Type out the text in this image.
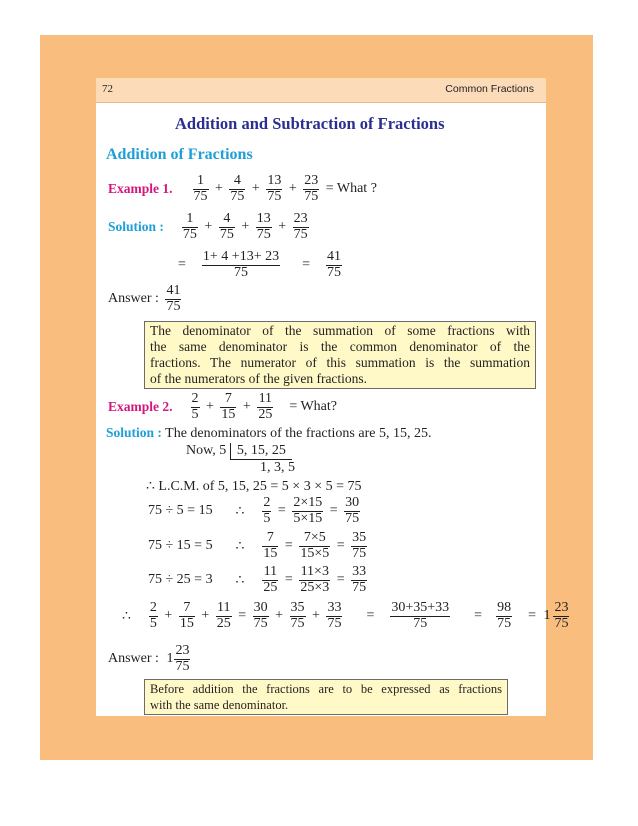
72	Common Fractions
Addition and Subtraction of Fractions
Addition of Fractions
Example 1. $\frac{1}{75} + \frac{4}{75} + \frac{13}{75} + \frac{23}{75}$ = What ?
Solution : $\frac{1}{75} + \frac{4}{75} + \frac{13}{75} + \frac{23}{75}$
= $\frac{1+ 4 +13+ 23}{75} = \frac{41}{75}$
Answer : $\frac{41}{75}$

The denominator of the summation of some fractions with

the same denominator is the common denominator of the

fractions. The numerator of this summation is the summation

of the numerators of the given fractions.

Example 2. $\frac{2}{5} + \frac{7}{15} + \frac{11}{25}$ = What?
Solution : The denominators of the fractions are 5, 15, 25.
Now, 5 5, 15, 25
1, 3, 5
∴ L.C.M. of 5, 15, 25 = 5 × 3 × 5 = 75
75 ÷ 5 = 15 ∴ $\frac{2}{5} = \frac{2\times 15}{5\times 15} = \frac{30}{75}$
75 ÷ 15 = 5 ∴ $\frac{7}{15} = \frac{7\times 5}{15\times 5} = \frac{35}{75}$
75 ÷ 25 = 3 ∴ $\frac{11}{25} = \frac{11\times 3}{25\times 3} = \frac{33}{75}$
∴ $\frac{2}{5} + \frac{7}{15} + \frac{11}{25} = \frac{30}{75} + \frac{35}{75} + \frac{33}{75} = \frac{30+35+33}{75} = \frac{98}{75} = 1 \frac{23}{75}$
Answer : $1 \frac{23}{75}$

Before addition the fractions are to be expressed as fractions

with the same denominator.
